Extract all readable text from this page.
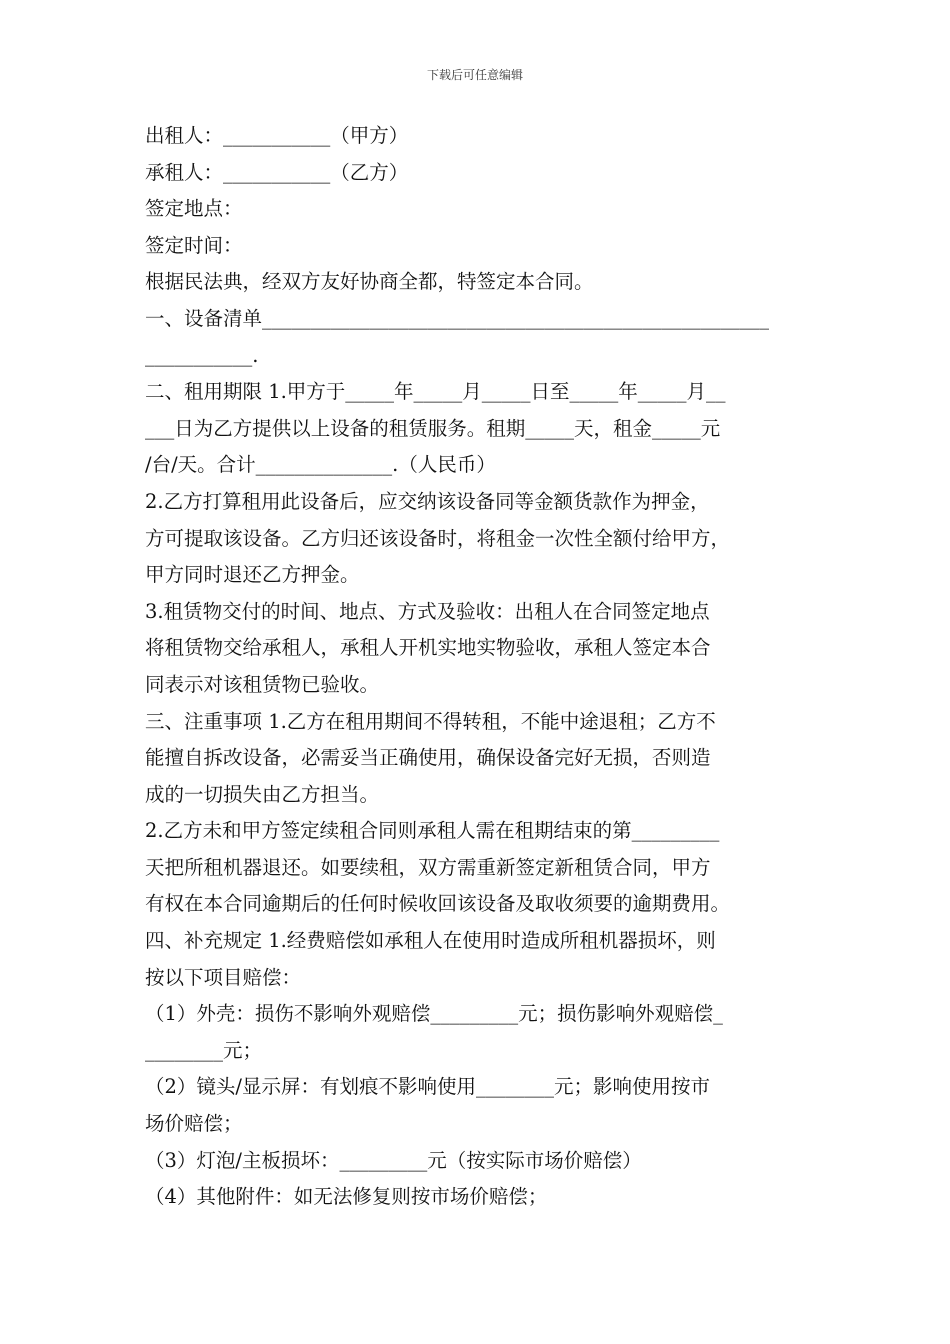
下载后可任意编辑
出租人：___________（甲方）
承租人：___________（乙方）
签定地点：
签定时间：
根据民法典，经双方友好协商全都，特签定本合同。
一、设备清单____________________________________________________
___________.
二、租用期限 1.甲方于_____年_____月_____日至_____年_____月__
___日为乙方提供以上设备的租赁服务。租期_____天，租金_____元
/台/天。合计______________.（人民币）
2.乙方打算租用此设备后，应交纳该设备同等金额货款作为押金，
方可提取该设备。乙方归还该设备时，将租金一次性全额付给甲方，
甲方同时退还乙方押金。
3.租赁物交付的时间、地点、方式及验收：出租人在合同签定地点
将租赁物交给承租人，承租人开机实地实物验收，承租人签定本合
同表示对该租赁物已验收。
三、注重事项 1.乙方在租用期间不得转租，不能中途退租；乙方不
能擅自拆改设备，必需妥当正确使用，确保设备完好无损，否则造
成的一切损失由乙方担当。
2.乙方未和甲方签定续租合同则承租人需在租期结束的第_________
天把所租机器退还。如要续租，双方需重新签定新租赁合同，甲方
有权在本合同逾期后的任何时候收回该设备及取收须要的逾期费用。
四、补充规定 1.经费赔偿如承租人在使用时造成所租机器损坏，则
按以下项目赔偿：
（1）外壳：损伤不影响外观赔偿_________元；损伤影响外观赔偿_
________元；
（2）镜头/显示屏：有划痕不影响使用________元；影响使用按市
场价赔偿；
（3）灯泡/主板损坏：_________元（按实际市场价赔偿）
（4）其他附件：如无法修复则按市场价赔偿；
